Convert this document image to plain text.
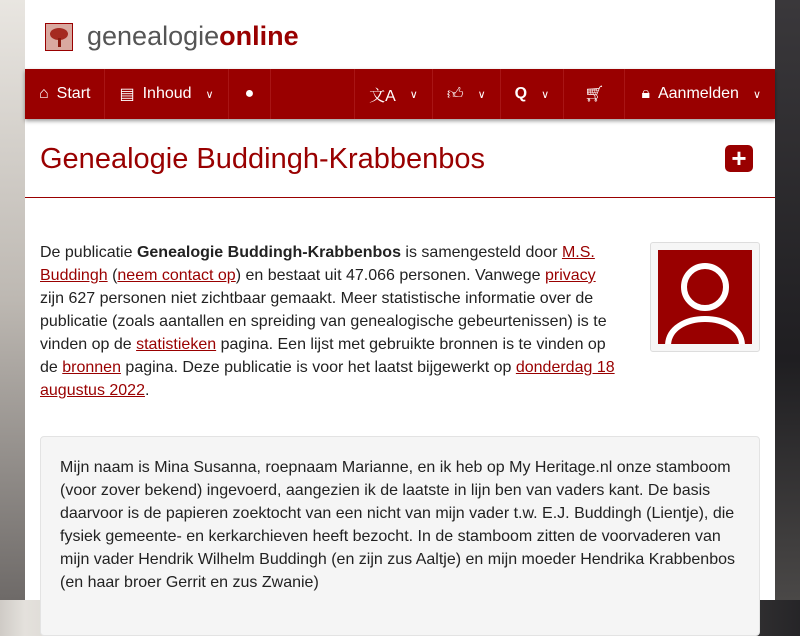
genealogieonline
⌂ Start ▤ Inhoud ∨ ●	文A ∨ 👍︎ ∨ Q ∨ 🛒︎ 🔒︎ Aanmelden ∨
Genealogie Buddingh-Krabbenbos	+
De publicatie Genealogie Buddingh-Krabbenbos is samengesteld door M.S. Buddingh (neem contact op) en bestaat uit 47.066 personen. Vanwege privacy zijn 627 personen niet zichtbaar gemaakt. Meer statistische informatie over de publicatie (zoals aantallen en spreiding van genealogische gebeurtenissen) is te vinden op de statistieken pagina. Een lijst met gebruikte bronnen is te vinden op de bronnen pagina. Deze publicatie is voor het laatst bijgewerkt op donderdag 18 augustus 2022.
Mijn naam is Mina Susanna, roepnaam Marianne, en ik heb op My Heritage.nl onze stamboom (voor zover bekend) ingevoerd, aangezien ik de laatste in lijn ben van vaders kant. De basis daarvoor is de papieren zoektocht van een nicht van mijn vader t.w. E.J. Buddingh (Lientje), die fysiek gemeente- en kerkarchieven heeft bezocht. In de stamboom zitten de voorvaderen van mijn vader Hendrik Wilhelm Buddingh (en zijn zus Aaltje) en mijn moeder Hendrika Krabbenbos (en haar broer Gerrit en zus Zwanie)
